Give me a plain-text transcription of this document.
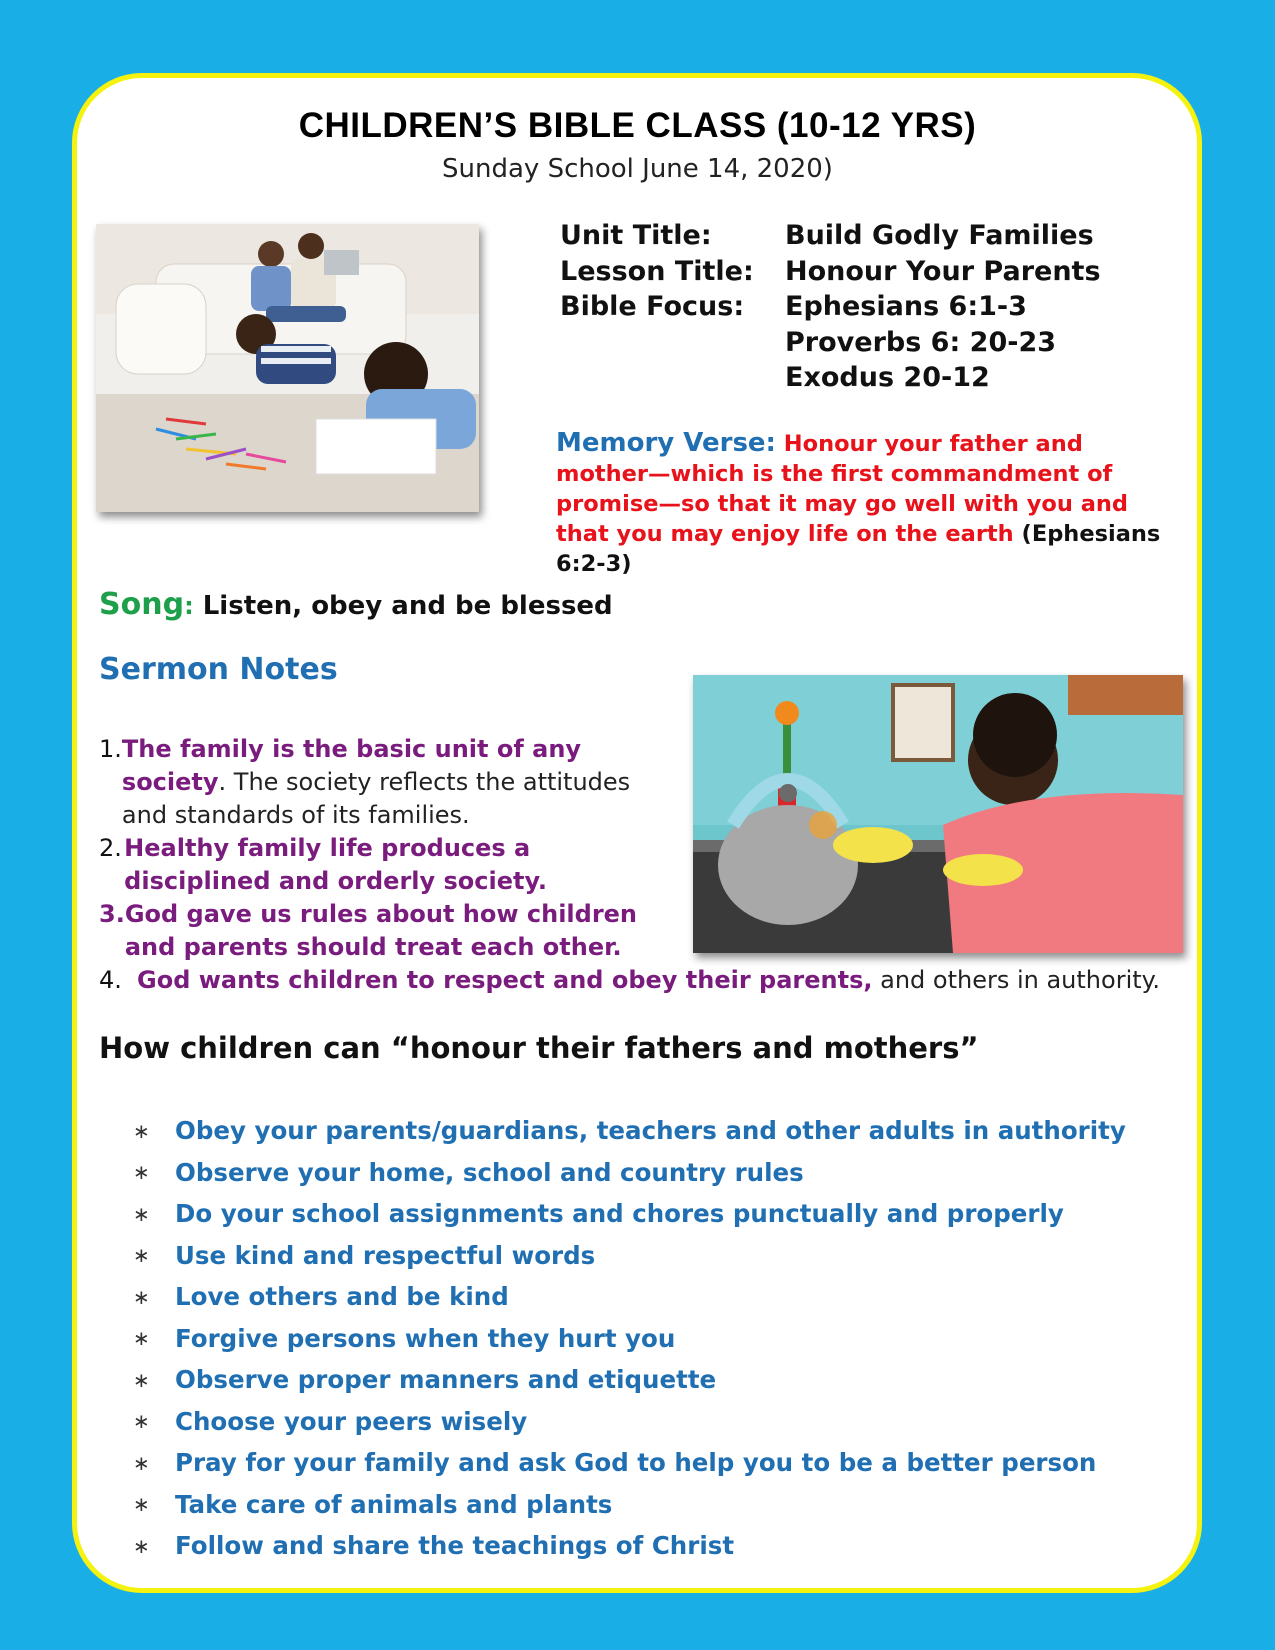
CHILDREN’S BIBLE CLASS (10-12 YRS)
Sunday School June 14, 2020)
Unit Title:	Build Godly Families
Lesson Title:	Honour Your Parents
Bible Focus:	Ephesians 6:1-3
Proverbs 6: 20-23
Exodus 20-12
Memory Verse: Honour your father and mother—which is the first commandment of promise—so that it may go well with you and that you may enjoy life on the earth (Ephesians 6:2-3)
Song: Listen, obey and be blessed
Sermon Notes
1. The family is the basic unit of any society. The society reflects the attitudes and standards of its families.
2. Healthy family life produces a disciplined and orderly society.
3. God gave us rules about how children and parents should treat each other.
4. God wants children to respect and obey their parents, and others in authority.
How children can “honour their fathers and mothers”
∗	Obey your parents/guardians, teachers and other adults in authority
∗	Observe your home, school and country rules
∗	Do your school assignments and chores punctually and properly
∗	Use kind and respectful words
∗	Love others and be kind
∗	Forgive persons when they hurt you
∗	Observe proper manners and etiquette
∗	Choose your peers wisely
∗	Pray for your family and ask God to help you to be a better person
∗	Take care of animals and plants
∗	Follow and share the teachings of Christ
